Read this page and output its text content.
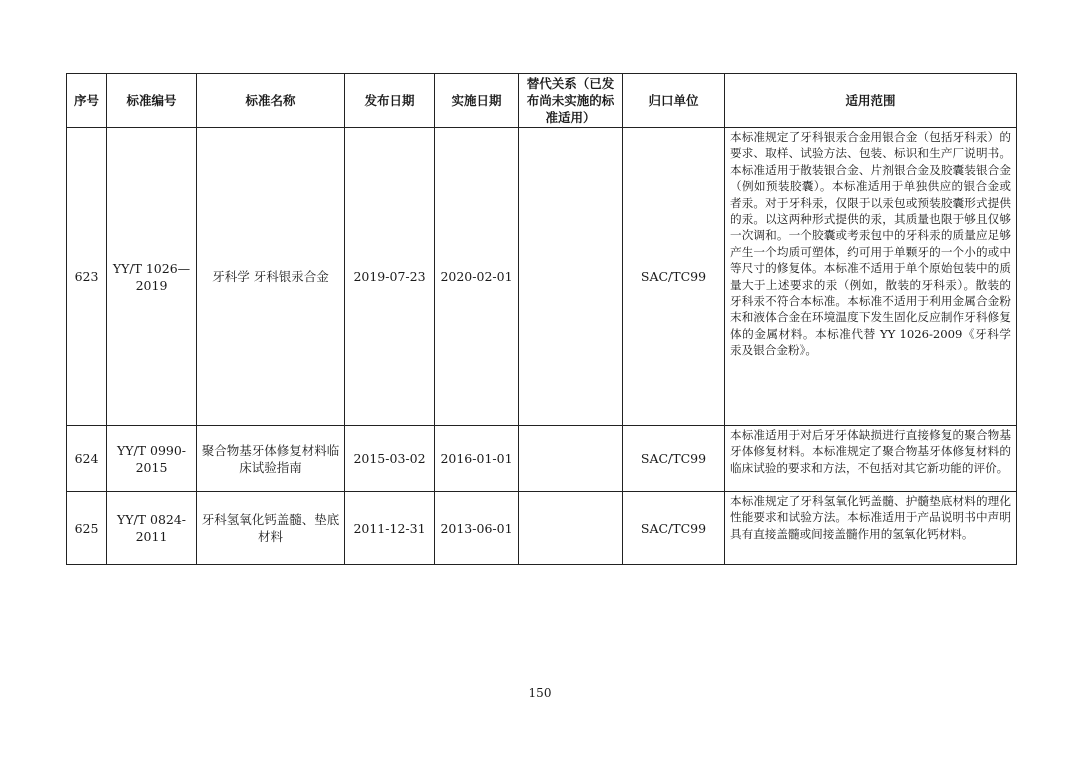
序号	标准编号	标准名称	发布日期	实施日期	替代关系（已发布尚未实施的标准适用）	归口单位	适用范围
623	YY/T 1026—2019	牙科学 牙科银汞合金	2019-07-23	2020-02-01		SAC/TC99	本标准规定了牙科银汞合金用银合金（包括牙科汞）的要求、取样、试验方法、包装、标识和生产厂说明书。本标准适用于散装银合金、片剂银合金及胶囊装银合金（例如预装胶囊）。本标准适用于单独供应的银合金或者汞。对于牙科汞，仅限于以汞包或预装胶囊形式提供的汞。以这两种形式提供的汞，其质量也限于够且仅够一次调和。一个胶囊或考汞包中的牙科汞的质量应足够产生一个均质可塑体，约可用于单颗牙的一个小的或中等尺寸的修复体。本标准不适用于单个原始包装中的质量大于上述要求的汞（例如，散装的牙科汞）。散装的牙科汞不符合本标准。本标准不适用于利用金属合金粉末和液体合金在环境温度下发生固化反应制作牙科修复体的金属材料。本标准代替 YY 1026-2009《牙科学 汞及银合金粉》。
624	YY/T 0990-2015	聚合物基牙体修复材料临床试验指南	2015-03-02	2016-01-01		SAC/TC99	本标准适用于对后牙牙体缺损进行直接修复的聚合物基牙体修复材料。本标准规定了聚合物基牙体修复材料的临床试验的要求和方法，不包括对其它新功能的评价。
625	YY/T 0824-2011	牙科氢氧化钙盖髓、垫底材料	2011-12-31	2013-06-01		SAC/TC99	本标准规定了牙科氢氧化钙盖髓、护髓垫底材料的理化性能要求和试验方法。本标准适用于产品说明书中声明具有直接盖髓或间接盖髓作用的氢氧化钙材料。
150
